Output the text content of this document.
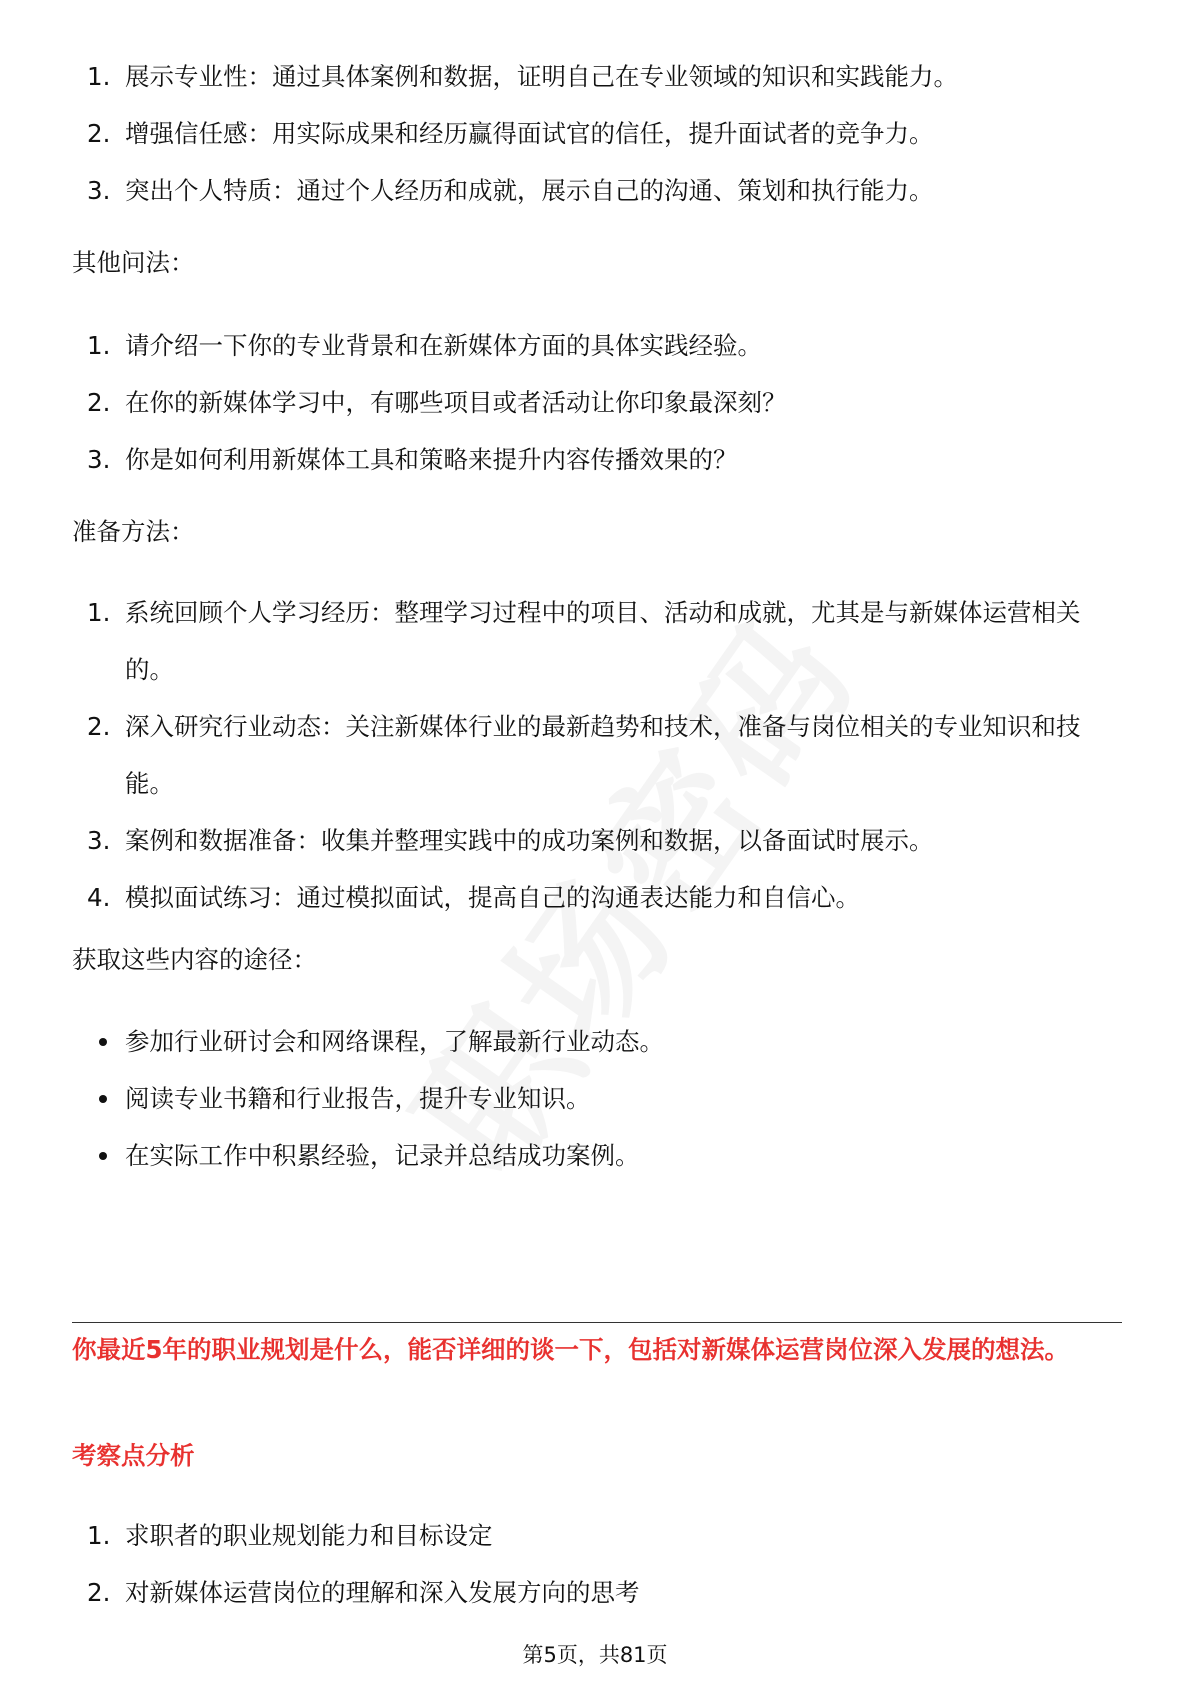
1. 展示专业性：通过具体案例和数据，证明自己在专业领域的知识和实践能力。
2. 增强信任感：用实际成果和经历赢得面试官的信任，提升面试者的竞争力。
3. 突出个人特质：通过个人经历和成就，展示自己的沟通、策划和执行能力。
其他问法：
1. 请介绍一下你的专业背景和在新媒体方面的具体实践经验。
2. 在你的新媒体学习中，有哪些项目或者活动让你印象最深刻？
3. 你是如何利用新媒体工具和策略来提升内容传播效果的？
准备方法：
1. 系统回顾个人学习经历：整理学习过程中的项目、活动和成就，尤其是与新媒体运营相关的。
2. 深入研究行业动态：关注新媒体行业的最新趋势和技术，准备与岗位相关的专业知识和技能。
3. 案例和数据准备：收集并整理实践中的成功案例和数据，以备面试时展示。
4. 模拟面试练习：通过模拟面试，提高自己的沟通表达能力和自信心。
获取这些内容的途径：
参加行业研讨会和网络课程，了解最新行业动态。
阅读专业书籍和行业报告，提升专业知识。
在实际工作中积累经验，记录并总结成功案例。
你最近5年的职业规划是什么，能否详细的谈一下，包括对新媒体运营岗位深入发展的想法。
考察点分析
1. 求职者的职业规划能力和目标设定
2. 对新媒体运营岗位的理解和深入发展方向的思考
第5页，共81页
